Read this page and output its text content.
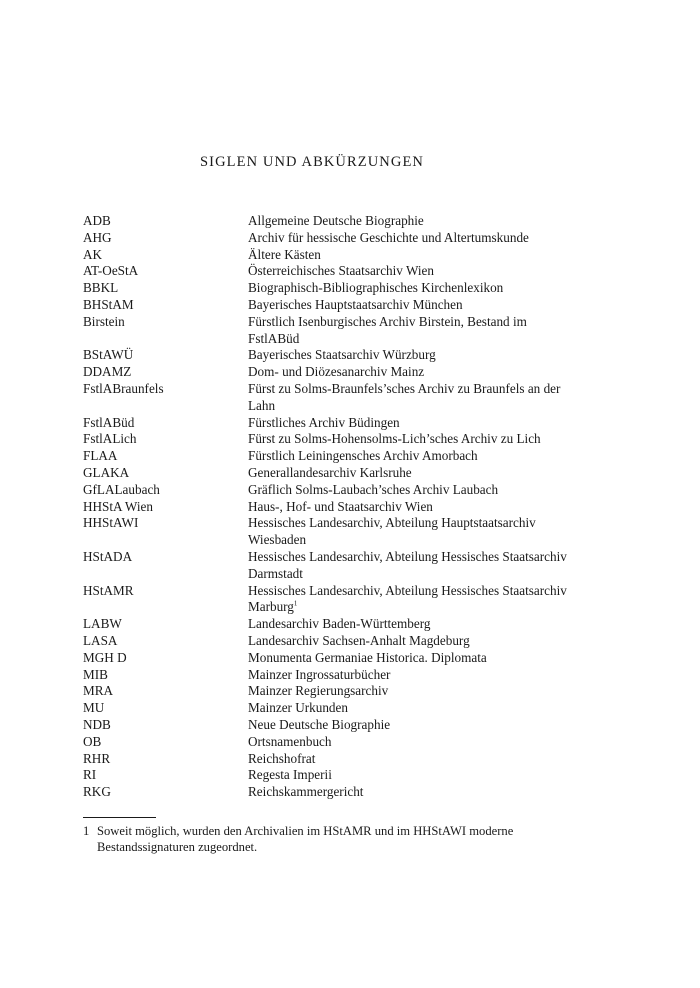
SIGLEN UND ABKÜRZUNGEN
ADB	Allgemeine Deutsche Biographie
AHG	Archiv für hessische Geschichte und Altertumskunde
AK	Ältere Kästen
AT-OeStA	Österreichisches Staatsarchiv Wien
BBKL	Biographisch-Bibliographisches Kirchenlexikon
BHStAM	Bayerisches Hauptstaatsarchiv München
Birstein	Fürstlich Isenburgisches Archiv Birstein, Bestand im FstlABüd
BStAWÜ	Bayerisches Staatsarchiv Würzburg
DDAMZ	Dom- und Diözesanarchiv Mainz
FstlABraunfels	Fürst zu Solms-Braunfels’sches Archiv zu Braunfels an der Lahn
FstlABüd	Fürstliches Archiv Büdingen
FstlALich	Fürst zu Solms-Hohensolms-Lich’sches Archiv zu Lich
FLAA	Fürstlich Leiningensches Archiv Amorbach
GLAKA	Generallandesarchiv Karlsruhe
GfLALaubach	Gräflich Solms-Laubach’sches Archiv Laubach
HHStA Wien	Haus-, Hof- und Staatsarchiv Wien
HHStAWI	Hessisches Landesarchiv, Abteilung Hauptstaatsarchiv Wiesbaden
HStADA	Hessisches Landesarchiv, Abteilung Hessisches Staatsarchiv Darmstadt
HStAMR	Hessisches Landesarchiv, Abteilung Hessisches Staatsarchiv Marburg$^1$
LABW	Landesarchiv Baden-Württemberg
LASA	Landesarchiv Sachsen-Anhalt Magdeburg
MGH D	Monumenta Germaniae Historica. Diplomata
MIB	Mainzer Ingrossaturbücher
MRA	Mainzer Regierungsarchiv
MU	Mainzer Urkunden
NDB	Neue Deutsche Biographie
OB	Ortsnamenbuch
RHR	Reichshofrat
RI	Regesta Imperii
RKG	Reichskammergericht
1 Soweit möglich, wurden den Archivalien im HStAMR und im HHStAWI moderne Bestandssignaturen zugeordnet.
